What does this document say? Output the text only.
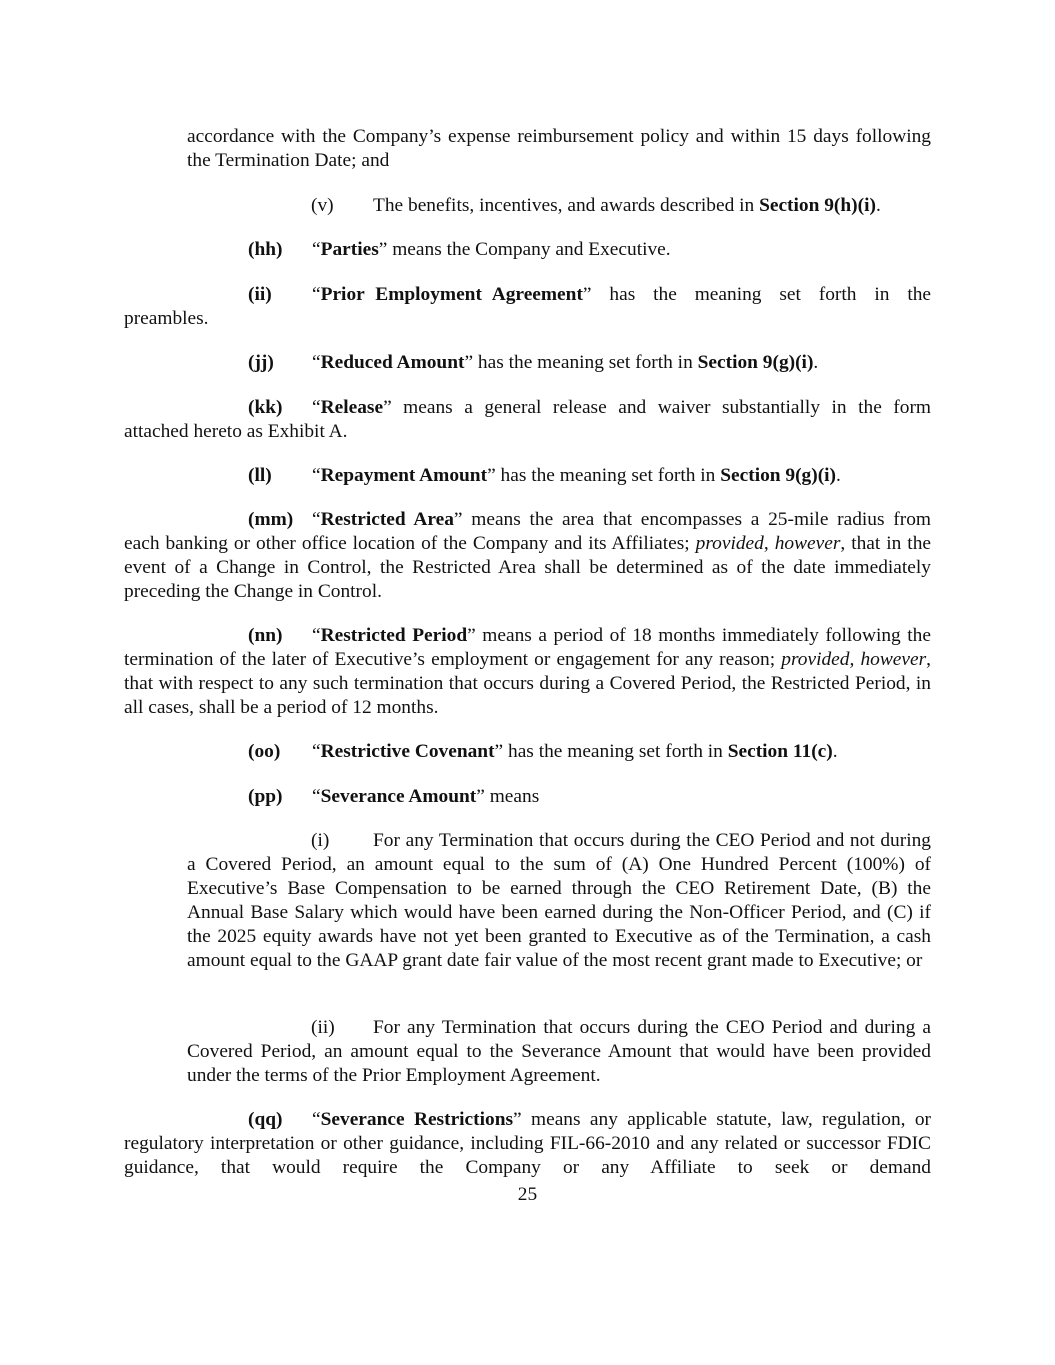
accordance with the Company’s expense reimbursement policy and within 15 days following the Termination Date; and

(v) The benefits, incentives, and awards described in Section 9(h)(i).

(hh) “Parties” means the Company and Executive.

(ii) “Prior Employment Agreement” has the meaning set forth in the preambles.

(jj) “Reduced Amount” has the meaning set forth in Section 9(g)(i).

(kk) “Release” means a general release and waiver substantially in the form attached hereto as Exhibit A.

(ll) “Repayment Amount” has the meaning set forth in Section 9(g)(i).

(mm) “Restricted Area” means the area that encompasses a 25-mile radius from each banking or other office location of the Company and its Affiliates; provided, however, that in the event of a Change in Control, the Restricted Area shall be determined as of the date immediately preceding the Change in Control.

(nn) “Restricted Period” means a period of 18 months immediately following the termination of the later of Executive’s employment or engagement for any reason; provided, however, that with respect to any such termination that occurs during a Covered Period, the Restricted Period, in all cases, shall be a period of 12 months.

(oo) “Restrictive Covenant” has the meaning set forth in Section 11(c).

(pp) “Severance Amount” means

(i) For any Termination that occurs during the CEO Period and not during a Covered Period, an amount equal to the sum of (A) One Hundred Percent (100%) of Executive’s Base Compensation to be earned through the CEO Retirement Date, (B) the Annual Base Salary which would have been earned during the Non-Officer Period, and (C) if the 2025 equity awards have not yet been granted to Executive as of the Termination, a cash amount equal to the GAAP grant date fair value of the most recent grant made to Executive; or

(ii) For any Termination that occurs during the CEO Period and during a Covered Period, an amount equal to the Severance Amount that would have been provided under the terms of the Prior Employment Agreement.

(qq) “Severance Restrictions” means any applicable statute, law, regulation, or regulatory interpretation or other guidance, including FIL-66-2010 and any related or successor FDIC guidance, that would require the Company or any Affiliate to seek or demand

25
